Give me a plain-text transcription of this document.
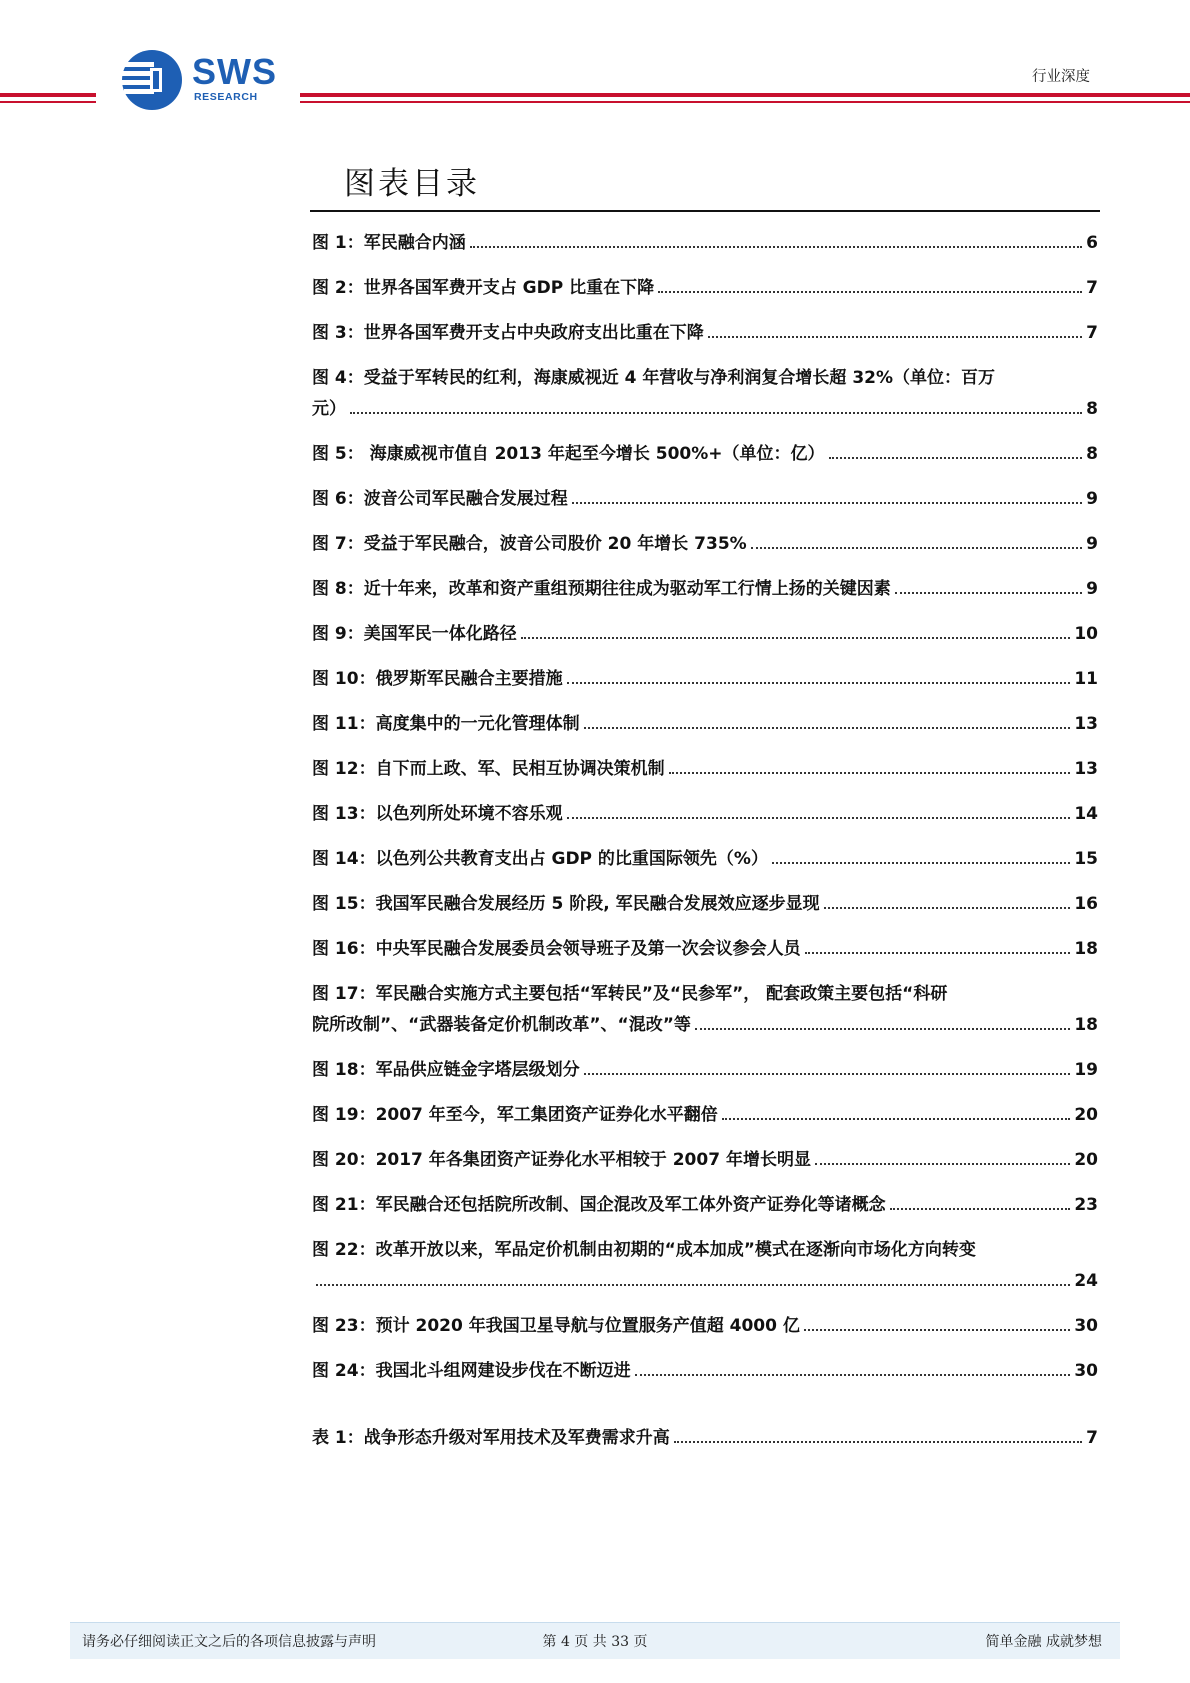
SWS
RESEARCH
行业深度
图表目录
图 1：军民融合内涵	6
图 2：世界各国军费开支占 GDP 比重在下降	7
图 3：世界各国军费开支占中央政府支出比重在下降	7
图 4：受益于军转民的红利，海康威视近 4 年营收与净利润复合增长超 32%（单位：百万
元）	8
图 5： 海康威视市值自 2013 年起至今增长 500%+（单位：亿）	8
图 6：波音公司军民融合发展过程	9
图 7：受益于军民融合，波音公司股价 20 年增长 735%	9
图 8：近十年来，改革和资产重组预期往往成为驱动军工行情上扬的关键因素	9
图 9：美国军民一体化路径	10
图 10：俄罗斯军民融合主要措施	11
图 11：高度集中的一元化管理体制	13
图 12：自下而上政、军、民相互协调决策机制	13
图 13：以色列所处环境不容乐观	14
图 14：以色列公共教育支出占 GDP 的比重国际领先（%）	15
图 15：我国军民融合发展经历 5 阶段, 军民融合发展效应逐步显现	16
图 16：中央军民融合发展委员会领导班子及第一次会议参会人员	18
图 17：军民融合实施方式主要包括“军转民”及“民参军”， 配套政策主要包括“科研
院所改制”、“武器装备定价机制改革”、“混改”等	18
图 18：军品供应链金字塔层级划分	19
图 19：2007 年至今，军工集团资产证券化水平翻倍	20
图 20：2017 年各集团资产证券化水平相较于 2007 年增长明显	20
图 21：军民融合还包括院所改制、国企混改及军工体外资产证券化等诸概念	23
图 22：改革开放以来，军品定价机制由初期的“成本加成”模式在逐渐向市场化方向转变
24
图 23：预计 2020 年我国卫星导航与位置服务产值超 4000 亿	30
图 24：我国北斗组网建设步伐在不断迈进	30
表 1：战争形态升级对军用技术及军费需求升高	7
请务必仔细阅读正文之后的各项信息披露与声明	第 4 页 共 33 页	简单金融 成就梦想
